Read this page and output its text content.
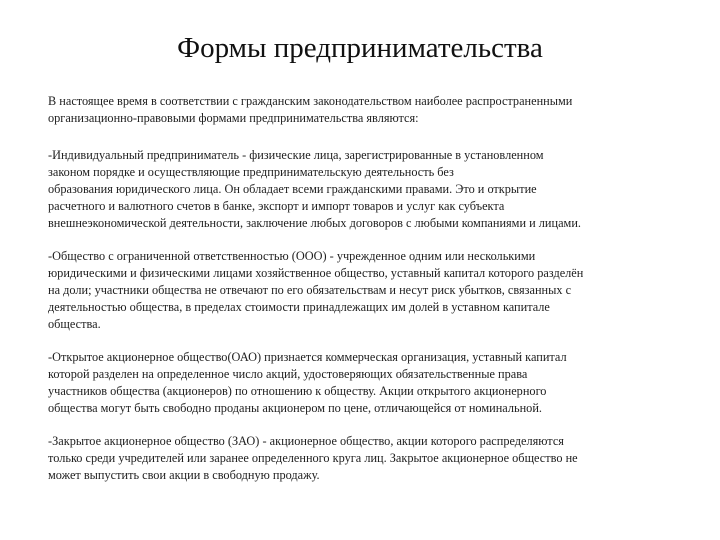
Формы предпринимательства

В настоящее время в соответствии с гражданским законодательством наиболее распространенными
организационно-правовыми формами предпринимательства являются:

-Индивидуальный предприниматель - физические лица, зарегистрированные в установленном
законом порядке и осуществляющие предпринимательскую деятельность без
образования юридического лица. Он обладает всеми гражданскими правами. Это и открытие
расчетного и валютного счетов в банке, экспорт и импорт товаров и услуг как субъекта
внешнеэкономической деятельности, заключение любых договоров с любыми компаниями и лицами.

-Общество с ограниченной ответственностью (ООО) - учрежденное одним или несколькими
юридическими и физическими лицами хозяйственное общество, уставный капитал которого разделён
на доли; участники общества не отвечают по его обязательствам и несут риск убытков, связанных с
деятельностью общества, в пределах стоимости принадлежащих им долей в уставном капитале
общества.

-Открытое акционерное общество(ОАО) признается коммерческая организация, уставный капитал
которой разделен на определенное число акций, удостоверяющих обязательственные права
участников общества (акционеров) по отношению к обществу. Акции открытого акционерного
общества могут быть свободно проданы акционером по цене, отличающейся от номинальной.

-Закрытое акционерное общество (ЗАО) - акционерное общество, акции которого распределяются
только среди учредителей или заранее определенного круга лиц. Закрытое акционерное общество не
может выпустить свои акции в свободную продажу.
